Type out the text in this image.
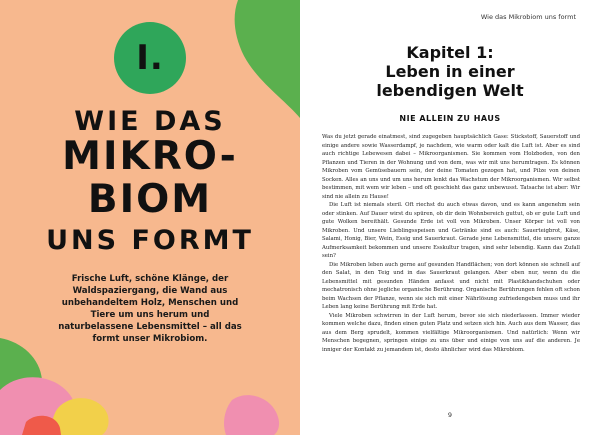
I.
WIE DAS
MIKRO-
BIOM
UNS FORMT

Frische Luft, schöne Klänge, der Waldspaziergang, die Wand aus unbehandeltem Holz, Menschen und Tiere um uns herum und naturbelassene Lebensmittel – all das formt unser Mikrobiom.

Wie das Mikrobiom uns formt
Kapitel 1:
Leben in einer
lebendigen Welt
NIE ALLEIN ZU HAUS

Was du jetzt gerade einatmest, sind zugegeben hauptsächlich Gase: Stickstoff, Sauerstoff und einige andere sowie Wasserdampf, je nachdem, wie warm oder kalt die Luft ist. Aber es sind auch richtige Lebewesen dabei – Mikroorganismen. Sie kommen vom Holzboden, von den Pflanzen und Tieren in der Wohnung und von dem, was wir mit uns herumtragen. Es können Mikroben vom Gemüsebauern sein, der deine Tomaten gezogen hat, und Pilze von deinen Socken. Alles an uns und um uns herum lenkt das Wachstum der Mikroorganismen. Wir selbst bestimmen, mit wem wir leben – und oft geschieht das ganz unbewusst. Tatsache ist aber: Wir sind nie allein zu Hause!

Die Luft ist niemals steril. Oft riechst du auch etwas davon, und es kann angenehm sein oder stinken. Auf Dauer wirst du spüren, ob dir dein Wohnbereich guttut, ob er gute Luft und gute Wolken bereithält. Gesunde Erde ist voll von Mikroben. Unser Körper ist voll von Mikroben. Und unsere Lieblingsspeisen und Getränke sind es auch: Sauerteigbrot, Käse, Salami, Honig, Bier, Wein, Essig und Sauerkraut. Gerade jene Lebensmittel, die unsere ganze Aufmerksamkeit bekommen und unsere Esskultur tragen, sind sehr lebendig. Kann das Zufall sein?

Die Mikroben leben auch gerne auf gesunden Handflächen; von dort können sie schnell auf den Salat, in den Teig und in das Sauerkraut gelangen. Aber eben nur, wenn du die Lebensmittel mit gesunden Händen anfasst und nicht mit Plastikhandschuhen oder mechatronisch ohne jegliche organische Berührung. Organische Berührungen fehlen oft schon beim Wachsen der Pflanze, wenn sie sich mit einer Nährlösung zufriedengeben muss und ihr Leben lang keine Berührung mit Erde hat.

Viele Mikroben schwirren in der Luft herum, bevor sie sich niederlassen. Immer wieder kommen welche dazu, finden einen guten Platz und setzen sich hin. Auch aus dem Wasser, das aus dem Berg sprudelt, kommen vielfältige Mikroorganismen. Und natürlich: Wenn wir Menschen begegnen, springen einige zu uns über und einige von uns auf die anderen. Je inniger der Kontakt zu jemandem ist, desto ähnlicher wird das Mikrobiom.

9
